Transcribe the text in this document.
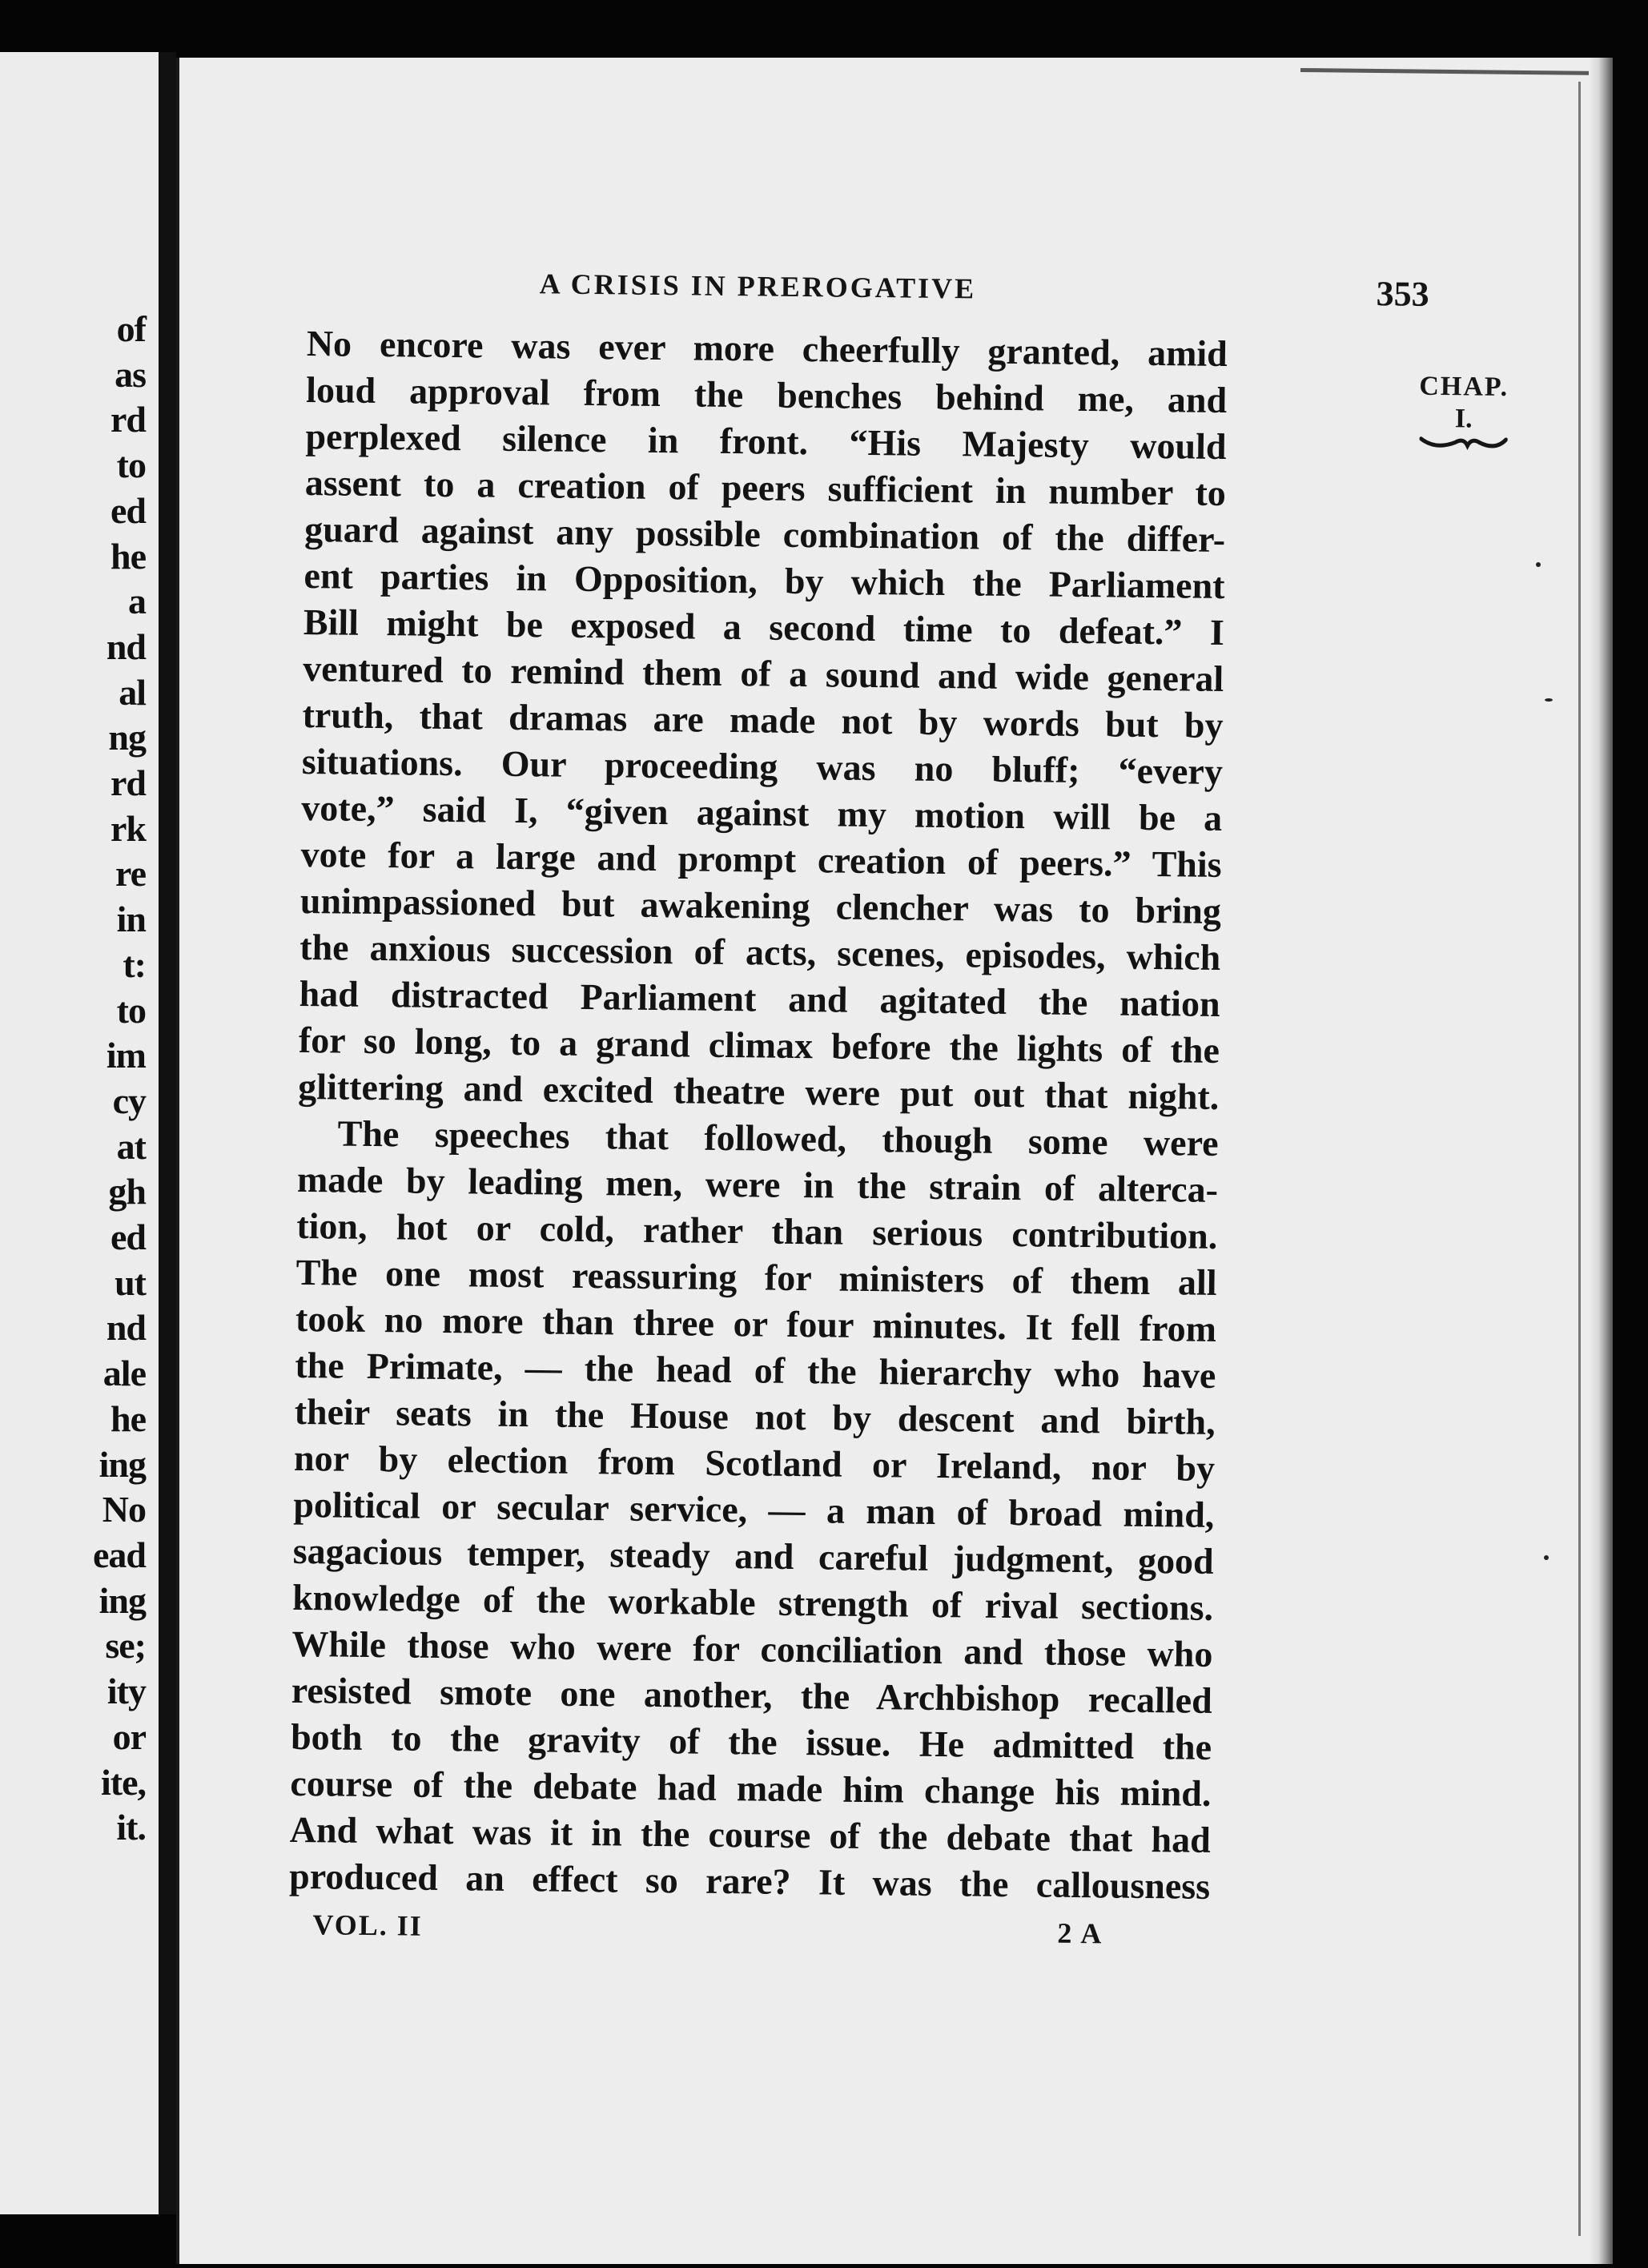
of
as
rd
to
ed
he
a
nd
al
ng
rd
rk
re
in
t:
to
im
cy
at
gh
ed
ut
nd
ale
he
ing
No
ead
ing
se;
ity
or
ite,
it.
A CRISIS IN PREROGATIVE	353
CHAP.
I.
No encore was ever more cheerfully granted, amid
loud approval from the benches behind me, and
perplexed silence in front. “His Majesty would
assent to a creation of peers sufficient in number to
guard against any possible combination of the differ-
ent parties in Opposition, by which the Parliament
Bill might be exposed a second time to defeat.” I
ventured to remind them of a sound and wide general
truth, that dramas are made not by words but by
situations. Our proceeding was no bluff; “every
vote,” said I, “given against my motion will be a
vote for a large and prompt creation of peers.” This
unimpassioned but awakening clencher was to bring
the anxious succession of acts, scenes, episodes, which
had distracted Parliament and agitated the nation
for so long, to a grand climax before the lights of the
glittering and excited theatre were put out that night.
The speeches that followed, though some were
made by leading men, were in the strain of alterca-
tion, hot or cold, rather than serious contribution.
The one most reassuring for ministers of them all
took no more than three or four minutes. It fell from
the Primate, — the head of the hierarchy who have
their seats in the House not by descent and birth,
nor by election from Scotland or Ireland, nor by
political or secular service, — a man of broad mind,
sagacious temper, steady and careful judgment, good
knowledge of the workable strength of rival sections.
While those who were for conciliation and those who
resisted smote one another, the Archbishop recalled
both to the gravity of the issue. He admitted the
course of the debate had made him change his mind.
And what was it in the course of the debate that had
produced an effect so rare? It was the callousness
VOL. II	2 A
